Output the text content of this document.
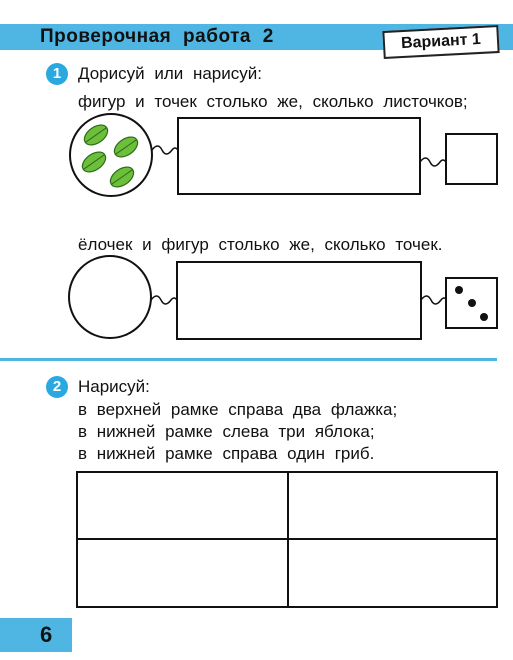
Проверочная работа 2	Вариант 1
1 Дорисуй или нарисуй:
фигур и точек столько же, сколько листочков;
ёлочек и фигур столько же, сколько точек.
2 Нарисуй:
в верхней рамке справа два флажка;
в нижней рамке слева три яблока;
в нижней рамке справа один гриб.
6
